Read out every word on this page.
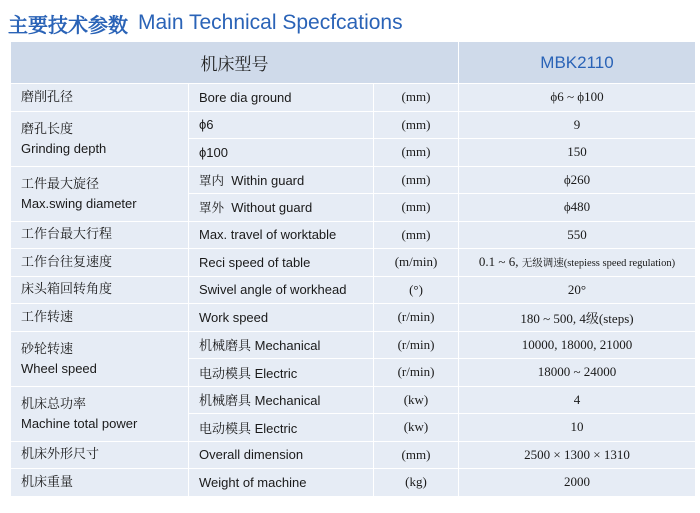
主要技术参数 Main Technical Specfcations
机床型号			MBK2110

磨削孔径	Bore dia ground	(mm)	ϕ6 ~ ϕ100

磨孔长度
Grinding depth	ϕ6	(mm)	9
	ϕ100	(mm)	150

工件最大旋径
Max.swing diameter	罩内 Within guard	(mm)	ϕ260
	罩外 Without guard	(mm)	ϕ480

工作台最大行程	Max. travel of worktable	(mm)	550

工作台往复速度	Reci speed of table	(m/min)	0.1 ~ 6, 无级调速(stepiess speed regulation)

床头箱回转角度	Swivel angle of workhead	(°)	20°

工作转速	Work speed	(r/min)	180 ~ 500, 4级(steps)

砂轮转速
Wheel speed	机械磨具 Mechanical	(r/min)	10000, 18000, 21000
	电动模具 Electric	(r/min)	18000 ~ 24000

机床总功率
Machine total power	机械磨具 Mechanical	(kw)	4
	电动模具 Electric	(kw)	10

机床外形尺寸	Overall dimension	(mm)	2500 × 1300 × 1310

机床重量	Weight of machine	(kg)	2000
